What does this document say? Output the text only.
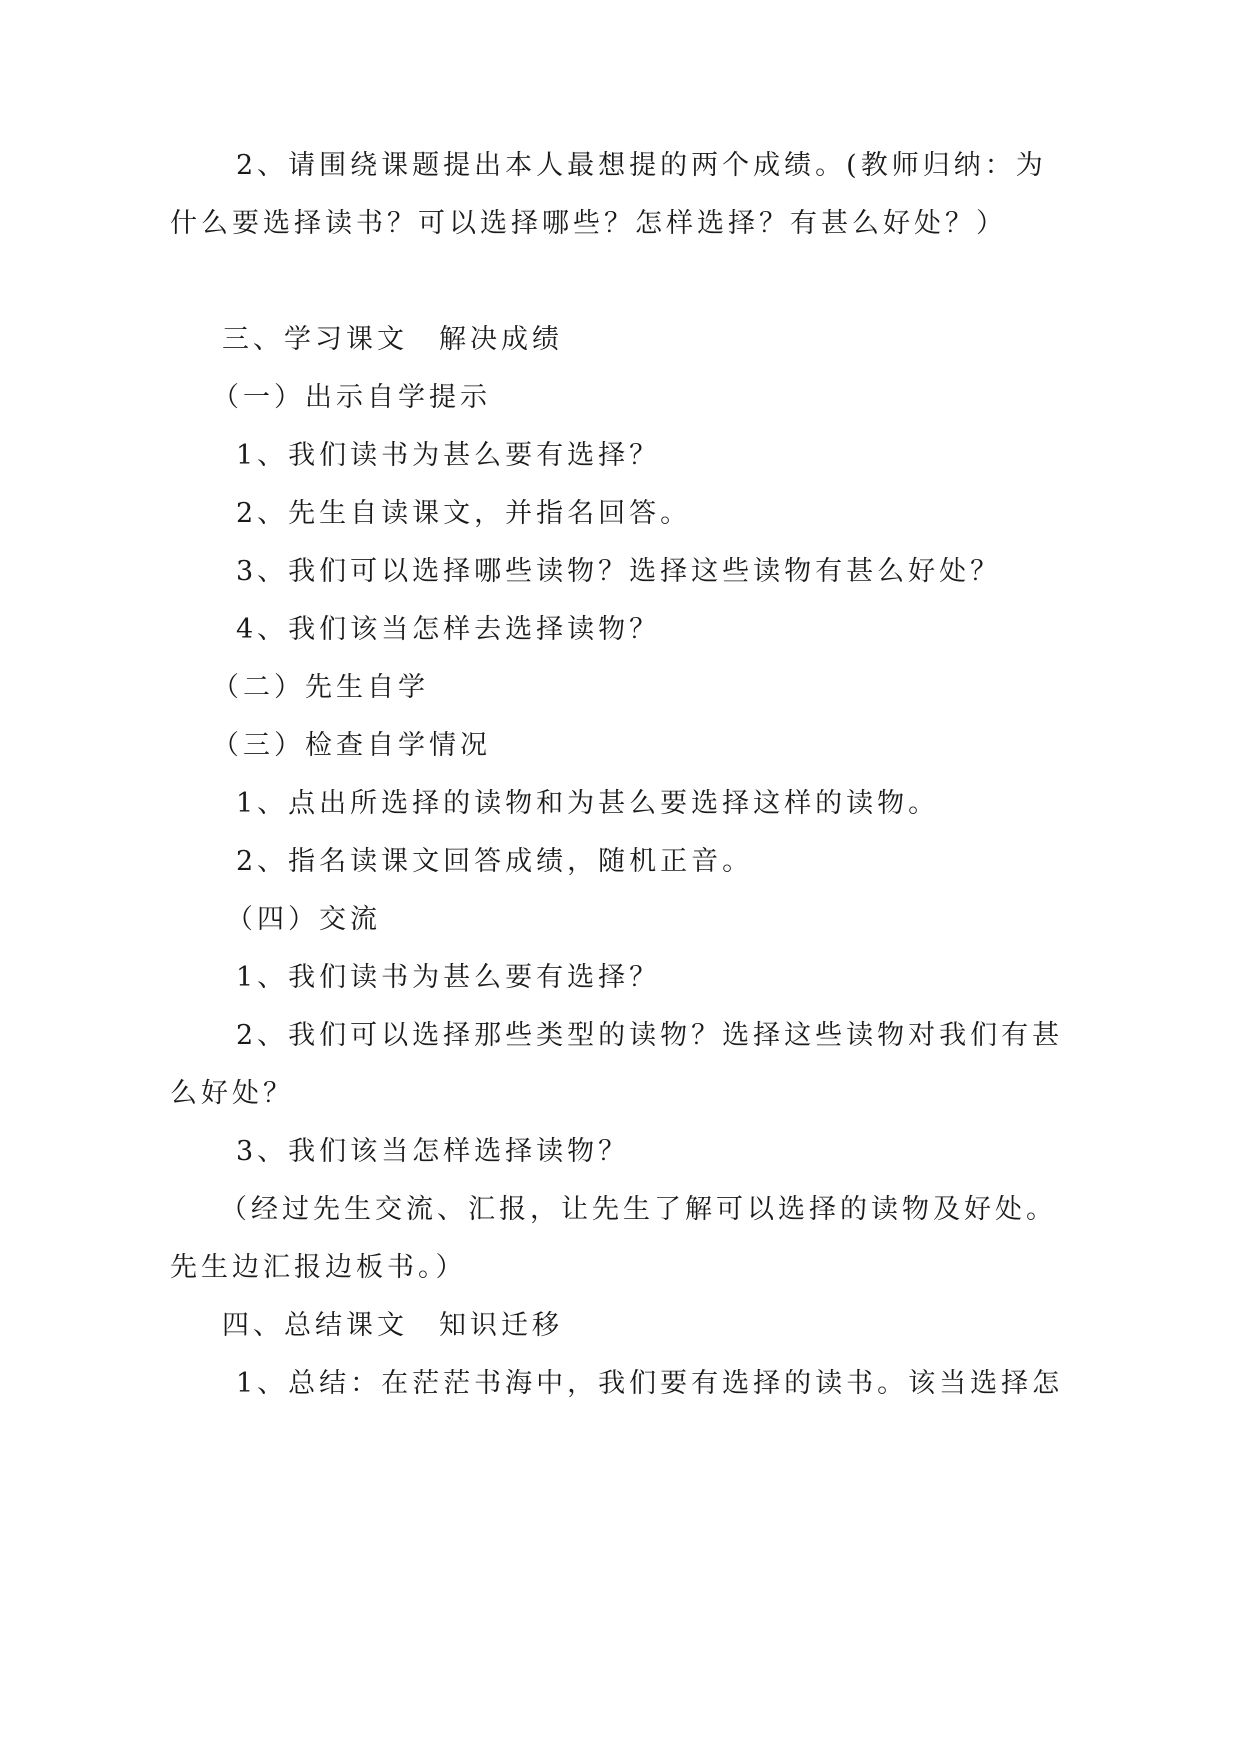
2、请围绕课题提出本人最想提的两个成绩。(教师归纳：为
什么要选择读书？可以选择哪些？怎样选择？有甚么好处？）
三、学习课文　解决成绩
（一）出示自学提示
1、我们读书为甚么要有选择？
2、先生自读课文，并指名回答。
3、我们可以选择哪些读物？选择这些读物有甚么好处？
4、我们该当怎样去选择读物？
（二）先生自学
（三）检查自学情况
1、点出所选择的读物和为甚么要选择这样的读物。
2、指名读课文回答成绩，随机正音。
（四）交流
1、我们读书为甚么要有选择？
2、我们可以选择那些类型的读物？选择这些读物对我们有甚
么好处？
3、我们该当怎样选择读物？
（经过先生交流、汇报，让先生了解可以选择的读物及好处。
先生边汇报边板书。）
四、总结课文　知识迁移
1、总结：在茫茫书海中，我们要有选择的读书。该当选择怎
